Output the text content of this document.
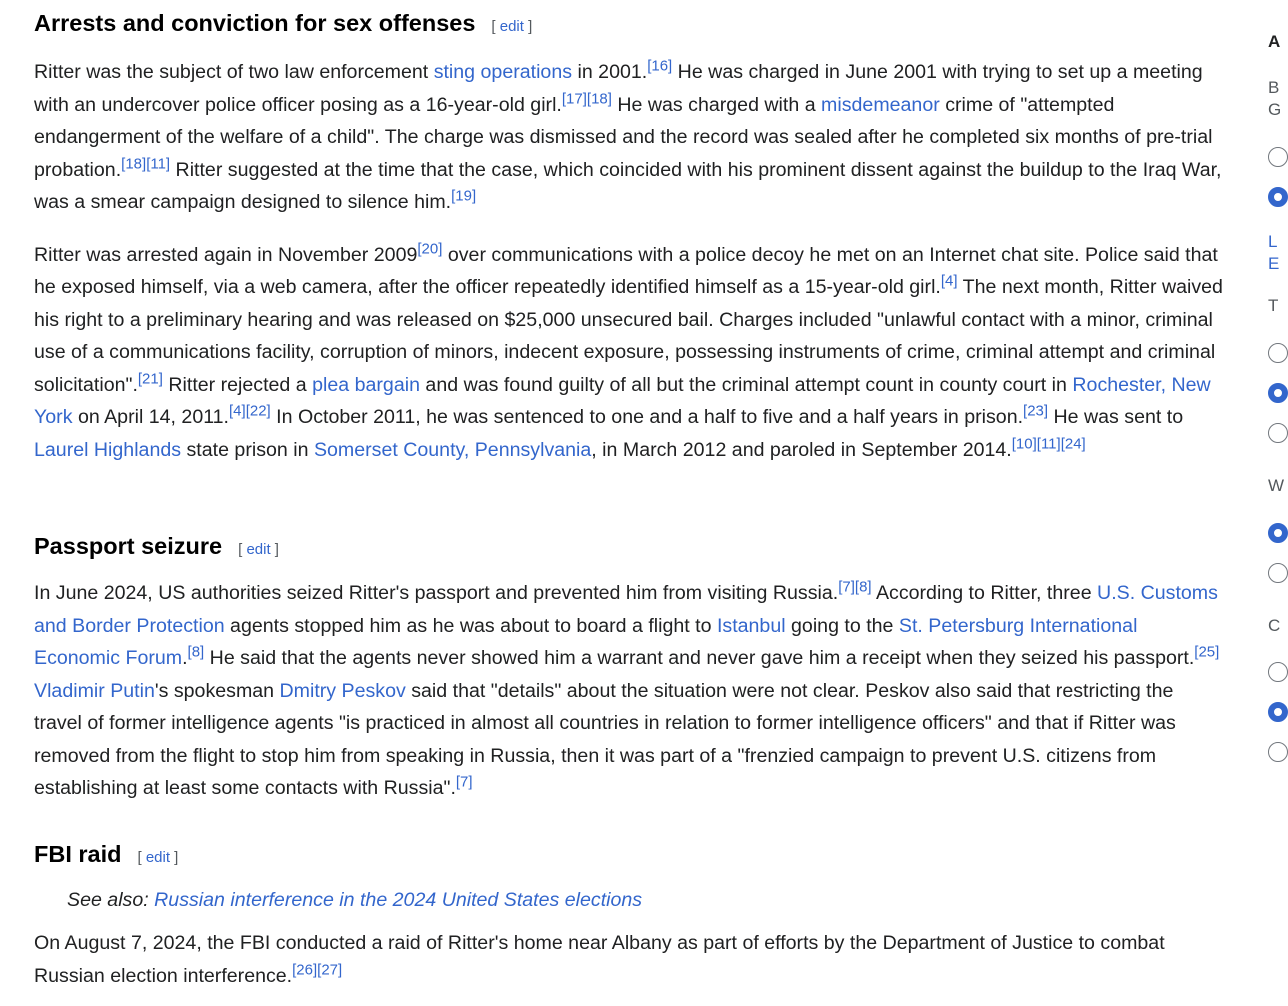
Arrests and conviction for sex offenses [ edit ]

Ritter was the subject of two law enforcement sting operations in 2001.[16] He was charged in June 2001 with trying to set up a meeting with an undercover police officer posing as a 16-year-old girl.[17][18] He was charged with a misdemeanor crime of "attempted endangerment of the welfare of a child". The charge was dismissed and the record was sealed after he completed six months of pre-trial probation.[18][11] Ritter suggested at the time that the case, which coincided with his prominent dissent against the buildup to the Iraq War, was a smear campaign designed to silence him.[19]

Ritter was arrested again in November 2009[20] over communications with a police decoy he met on an Internet chat site. Police said that he exposed himself, via a web camera, after the officer repeatedly identified himself as a 15-year-old girl.[4] The next month, Ritter waived his right to a preliminary hearing and was released on $25,000 unsecured bail. Charges included "unlawful contact with a minor, criminal use of a communications facility, corruption of minors, indecent exposure, possessing instruments of crime, criminal attempt and criminal solicitation".[21] Ritter rejected a plea bargain and was found guilty of all but the criminal attempt count in county court in Rochester, New York on April 14, 2011.[4][22] In October 2011, he was sentenced to one and a half to five and a half years in prison.[23] He was sent to Laurel Highlands state prison in Somerset County, Pennsylvania, in March 2012 and paroled in September 2014.[10][11][24]

Passport seizure [ edit ]

In June 2024, US authorities seized Ritter's passport and prevented him from visiting Russia.[7][8] According to Ritter, three U.S. Customs and Border Protection agents stopped him as he was about to board a flight to Istanbul going to the St. Petersburg International Economic Forum.[8] He said that the agents never showed him a warrant and never gave him a receipt when they seized his passport.[25] Vladimir Putin's spokesman Dmitry Peskov said that "details" about the situation were not clear. Peskov also said that restricting the travel of former intelligence agents "is practiced in almost all countries in relation to former intelligence officers" and that if Ritter was removed from the flight to stop him from speaking in Russia, then it was part of a "frenzied campaign to prevent U.S. citizens from establishing at least some contacts with Russia".[7]

FBI raid [ edit ]
See also: Russian interference in the 2024 United States elections

On August 7, 2024, the FBI conducted a raid of Ritter's home near Albany as part of efforts by the Department of Justice to combat Russian election interference.[26][27]

A
B
G
L
E
T
W
C
